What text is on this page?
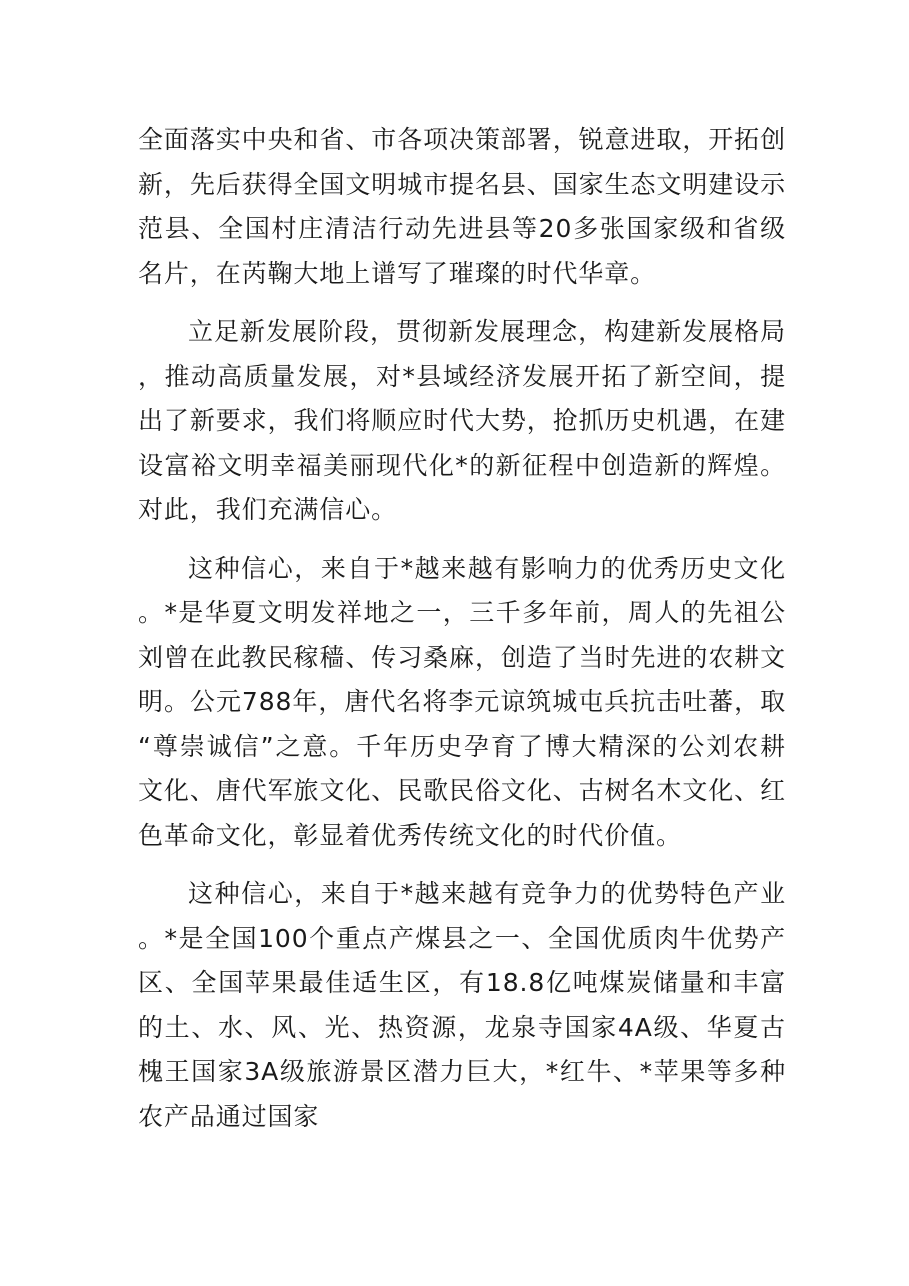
全面落实中央和省、市各项决策部署，锐意进取，开拓创新，先后获得全国文明城市提名县、国家生态文明建设示范县、全国村庄清洁行动先进县等20多张国家级和省级名片，在芮鞠大地上谱写了璀璨的时代华章。

立足新发展阶段，贯彻新发展理念，构建新发展格局，推动高质量发展，对*县域经济发展开拓了新空间，提出了新要求，我们将顺应时代大势，抢抓历史机遇，在建设富裕文明幸福美丽现代化*的新征程中创造新的辉煌。对此，我们充满信心。

这种信心，来自于*越来越有影响力的优秀历史文化。*是华夏文明发祥地之一，三千多年前，周人的先祖公刘曾在此教民稼穑、传习桑麻，创造了当时先进的农耕文明。公元788年，唐代名将李元谅筑城屯兵抗击吐蕃，取“尊崇诚信”之意。千年历史孕育了博大精深的公刘农耕文化、唐代军旅文化、民歌民俗文化、古树名木文化、红色革命文化，彰显着优秀传统文化的时代价值。

这种信心，来自于*越来越有竞争力的优势特色产业。*是全国100个重点产煤县之一、全国优质肉牛优势产区、全国苹果最佳适生区，有18.8亿吨煤炭储量和丰富的土、水、风、光、热资源，龙泉寺国家4A级、华夏古槐王国家3A级旅游景区潜力巨大，*红牛、*苹果等多种农产品通过国家
